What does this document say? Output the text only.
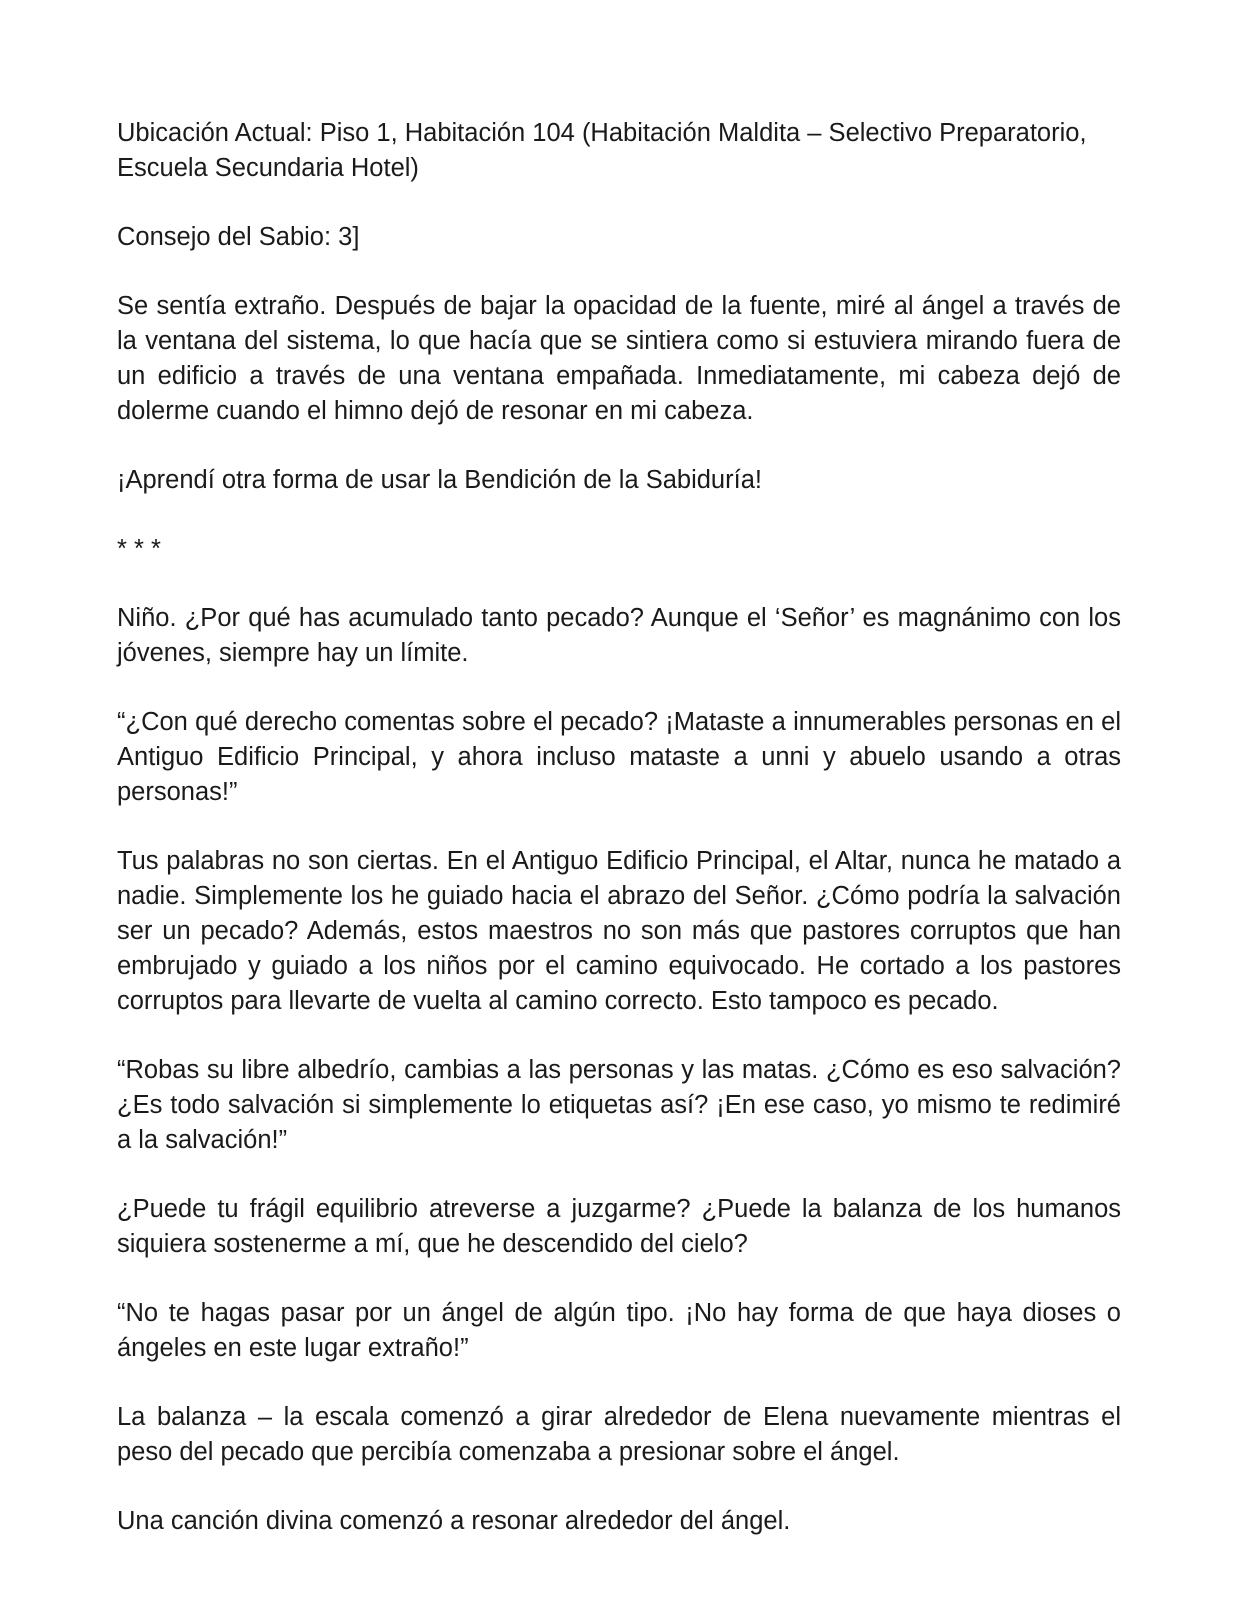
Ubicación Actual: Piso 1, Habitación 104 (Habitación Maldita – Selectivo Preparatorio, Escuela Secundaria Hotel)

Consejo del Sabio: 3]

Se sentía extraño. Después de bajar la opacidad de la fuente, miré al ángel a través de la ventana del sistema, lo que hacía que se sintiera como si estuviera mirando fuera de un edificio a través de una ventana empañada. Inmediatamente, mi cabeza dejó de dolerme cuando el himno dejó de resonar en mi cabeza.

¡Aprendí otra forma de usar la Bendición de la Sabiduría!

* * *

Niño. ¿Por qué has acumulado tanto pecado? Aunque el ‘Señor’ es magnánimo con los jóvenes, siempre hay un límite.

“¿Con qué derecho comentas sobre el pecado? ¡Mataste a innumerables personas en el Antiguo Edificio Principal, y ahora incluso mataste a unni y abuelo usando a otras personas!”

Tus palabras no son ciertas. En el Antiguo Edificio Principal, el Altar, nunca he matado a nadie. Simplemente los he guiado hacia el abrazo del Señor. ¿Cómo podría la salvación ser un pecado? Además, estos maestros no son más que pastores corruptos que han embrujado y guiado a los niños por el camino equivocado. He cortado a los pastores corruptos para llevarte de vuelta al camino correcto. Esto tampoco es pecado.

“Robas su libre albedrío, cambias a las personas y las matas. ¿Cómo es eso salvación? ¿Es todo salvación si simplemente lo etiquetas así? ¡En ese caso, yo mismo te redimiré a la salvación!”

¿Puede tu frágil equilibrio atreverse a juzgarme? ¿Puede la balanza de los humanos siquiera sostenerme a mí, que he descendido del cielo?

“No te hagas pasar por un ángel de algún tipo. ¡No hay forma de que haya dioses o ángeles en este lugar extraño!”

La balanza – la escala comenzó a girar alrededor de Elena nuevamente mientras el peso del pecado que percibía comenzaba a presionar sobre el ángel.

Una canción divina comenzó a resonar alrededor del ángel.
